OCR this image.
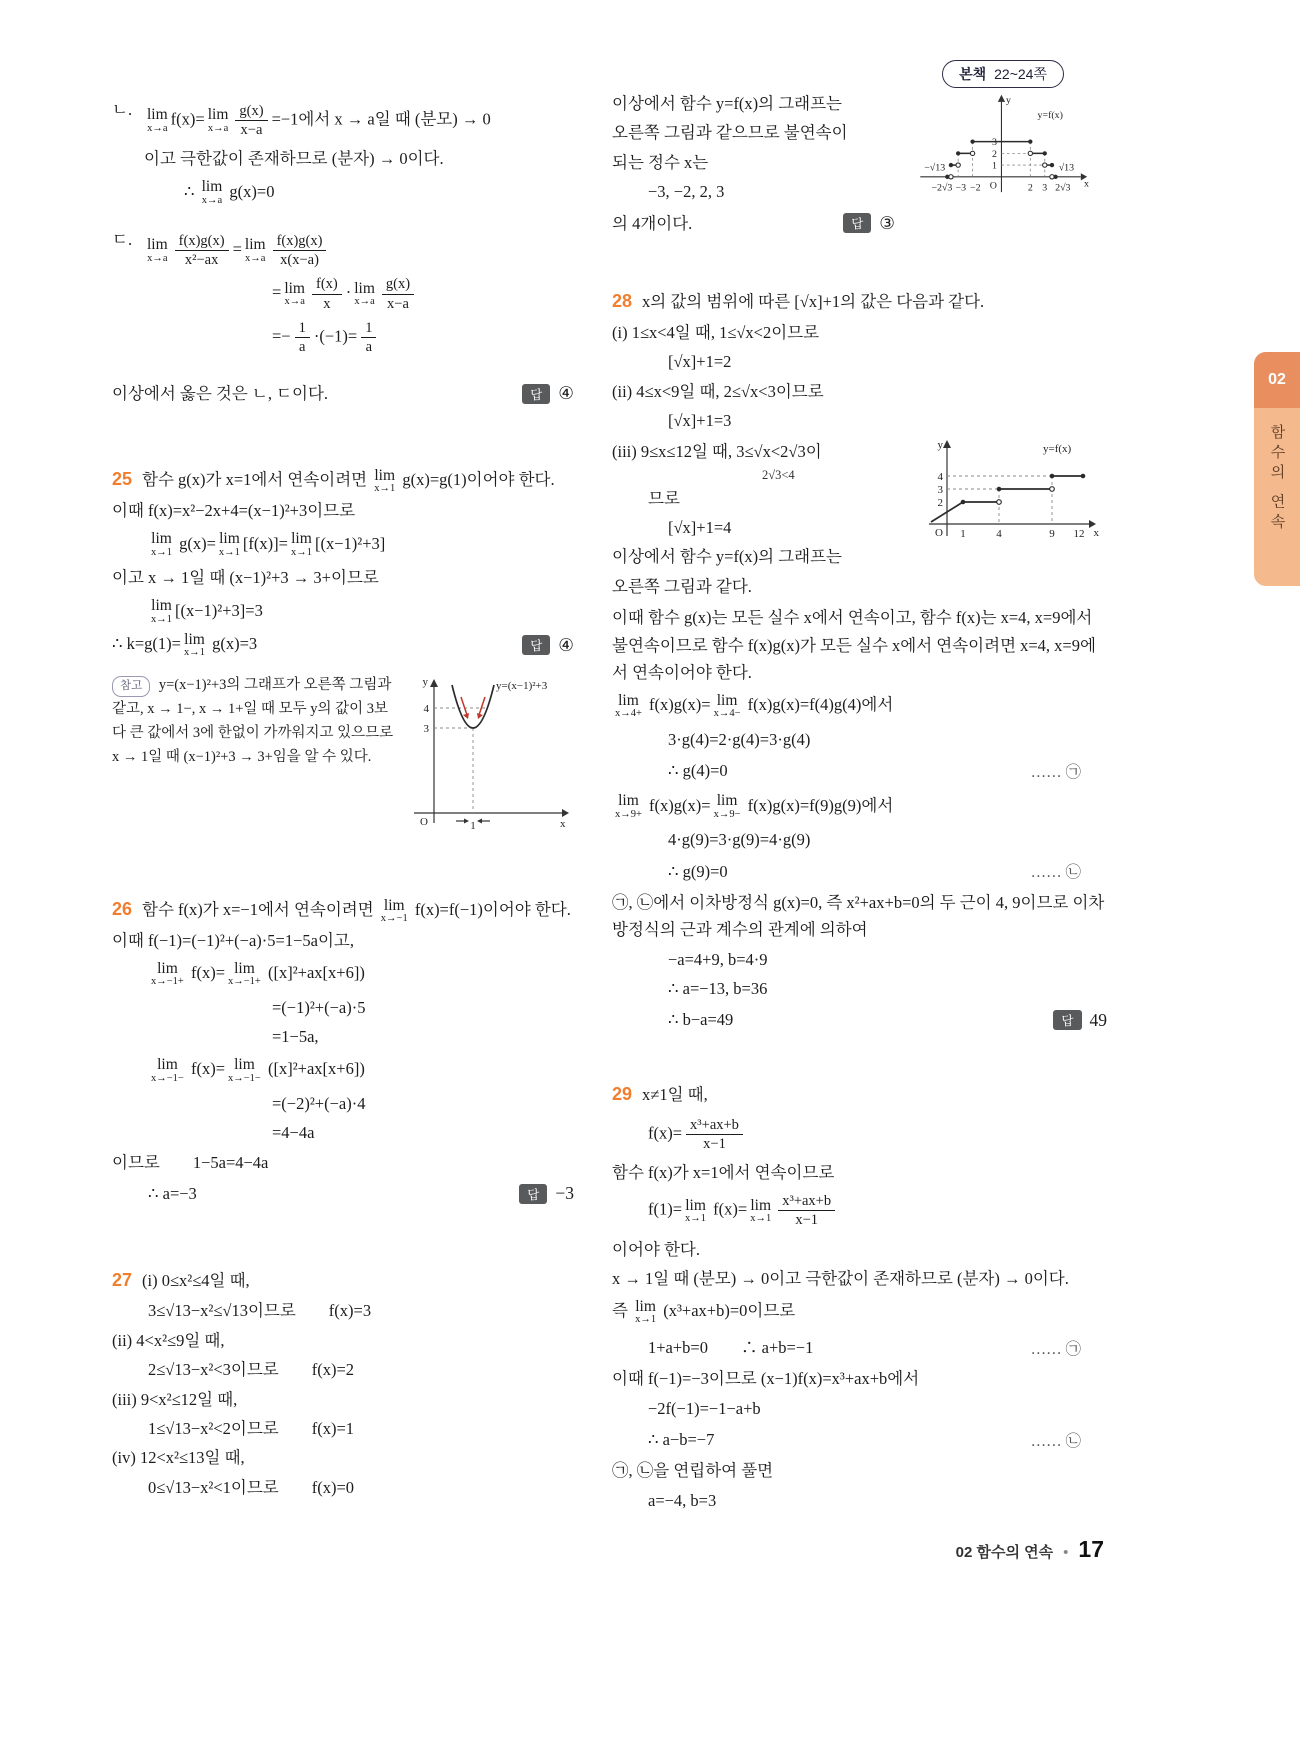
본책 22~24쪽
02
함수의 연속
ㄴ. lim
x→a f(x)= lim
$x\to a \frac{g(x)}{x-a} =-1$에서 x → a일 때 (분모) → 0
이고 극한값이 존재하므로 (분자) → 0이다.
∴ lim
x→a g(x)=0
ㄷ. lim
$x\to a \frac{f(x)g(x)}{\text{x²−ax}} = \lim$
$x\to a \frac{f(x)g(x)}{x(x-a)}$
= lim
$x\to a \frac{f(x)}{x} \cdot \lim$
$x\to a \frac{g(x)}{x-a}$
=− $\frac{1}{a} \cdot(-1)= \frac{1}{a}$
이상에서 옳은 것은 ㄴ, ㄷ이다.	답 ④
25 함수 g(x)가 x=1에서 연속이려면 lim
x→1 g(x)=g(1)이어야 한다.
이때 f(x)=x²−2x+4=(x−1)²+3이므로
lim
x→1 g(x)= lim
x→1 [f(x)]= lim
x→1 [(x−1)²+3]
이고 x → 1일 때 (x−1)²+3 → 3+이므로
lim
x→1 [(x−1)²+3]=3
∴ k=g(1)= lim
x→1 g(x)=3	답 ④
참고 y=(x−1)²+3의 그래프가 오른쪽 그림과 같고, x → 1−, x → 1+일 때 모두 y의 값이 3보다 큰 값에서 3에 한없이 가까워지고 있으므로 x → 1일 때 (x−1)²+3 → 3+임을 알 수 있다.
y
x
O
4
3
1
y=(x−1)²+3
26 함수 f(x)가 x=−1에서 연속이려면 lim
x→−1 f(x)=f(−1)이어야 한다.
이때 f(−1)=(−1)²+(−a)·5=1−5a이고,
lim
x→−1+ f(x)= lim
x→−1+ ([x]²+ax[x+6])
=(−1)²+(−a)·5
=1−5a,
lim
x→−1− f(x)= lim
x→−1− ([x]²+ax[x+6])
=(−2)²+(−a)·4
=4−4a
이므로　　1−5a=4−4a
∴ a=−3	답 −3
27 (i) 0≤x²≤4일 때,
3≤√13−x²≤√13이므로　　f(x)=3
(ii) 4<x²≤9일 때,
2≤√13−x²<3이므로　　f(x)=2
(iii) 9<x²≤12일 때,
1≤√13−x²<2이므로　　f(x)=1
(iv) 12<x²≤13일 때,
0≤√13−x²<1이므로　　f(x)=0
이상에서 함수 y=f(x)의 그래프는
오른쪽 그림과 같으므로 불연속이
되는 정수 x는
−3, −2, 2, 3
의 4개이다.	답 ③
y
x
3
2
1
−√13
−2√3 −3 −2 O	2 3 2√3
√13
y=f(x)
28 x의 값의 범위에 따른 [√x]+1의 값은 다음과 같다.
(i) 1≤x<4일 때, 1≤√x<2이므로
[√x]+1=2
(ii) 4≤x<9일 때, 2≤√x<3이므로
[√x]+1=3
(iii) 9≤x≤12일 때, 3≤√x<2√3이
2√3<4
므로
[√x]+1=4
이상에서 함수 y=f(x)의 그래프는
오른쪽 그림과 같다.
y
x
4
3
2
O 1	4	9 12
y=f(x)
이때 함수 g(x)는 모든 실수 x에서 연속이고, 함수 f(x)는 x=4, x=9에서 불연속이므로 함수 f(x)g(x)가 모든 실수 x에서 연속이려면 x=4, x=9에서 연속이어야 한다.
lim
x→4+ f(x)g(x)= lim
x→4− f(x)g(x)=f(4)g(4)에서
3·g(4)=2·g(4)=3·g(4)
∴ g(4)=0	…… ㉠
lim
x→9+ f(x)g(x)= lim
x→9− f(x)g(x)=f(9)g(9)에서
4·g(9)=3·g(9)=4·g(9)
∴ g(9)=0	…… ㉡
㉠, ㉡에서 이차방정식 g(x)=0, 즉 x²+ax+b=0의 두 근이 4, 9이므로 이차방정식의 근과 계수의 관계에 의하여
−a=4+9, b=4·9
∴ a=−13, b=36
∴ b−a=49	답 49
29 x≠1일 때,
$f(x)= \frac{\text{x³+ax+b}}{x-1}$
함수 f(x)가 x=1에서 연속이므로
f(1)= lim
x→1 f(x)= lim
$x\to 1 \frac{\text{x³+ax+b}}{x-1}$
이어야 한다.
x → 1일 때 (분모) → 0이고 극한값이 존재하므로 (분자) → 0이다.
즉 lim
x→1 (x³+ax+b)=0이므로
1+a+b=0　　∴ a+b=−1	…… ㉠
이때 f(−1)=−3이므로 (x−1)f(x)=x³+ax+b에서
−2f(−1)=−1−a+b
∴ a−b=−7	…… ㉡
㉠, ㉡을 연립하여 풀면
a=−4, b=3
02 함수의 연속 • 17
